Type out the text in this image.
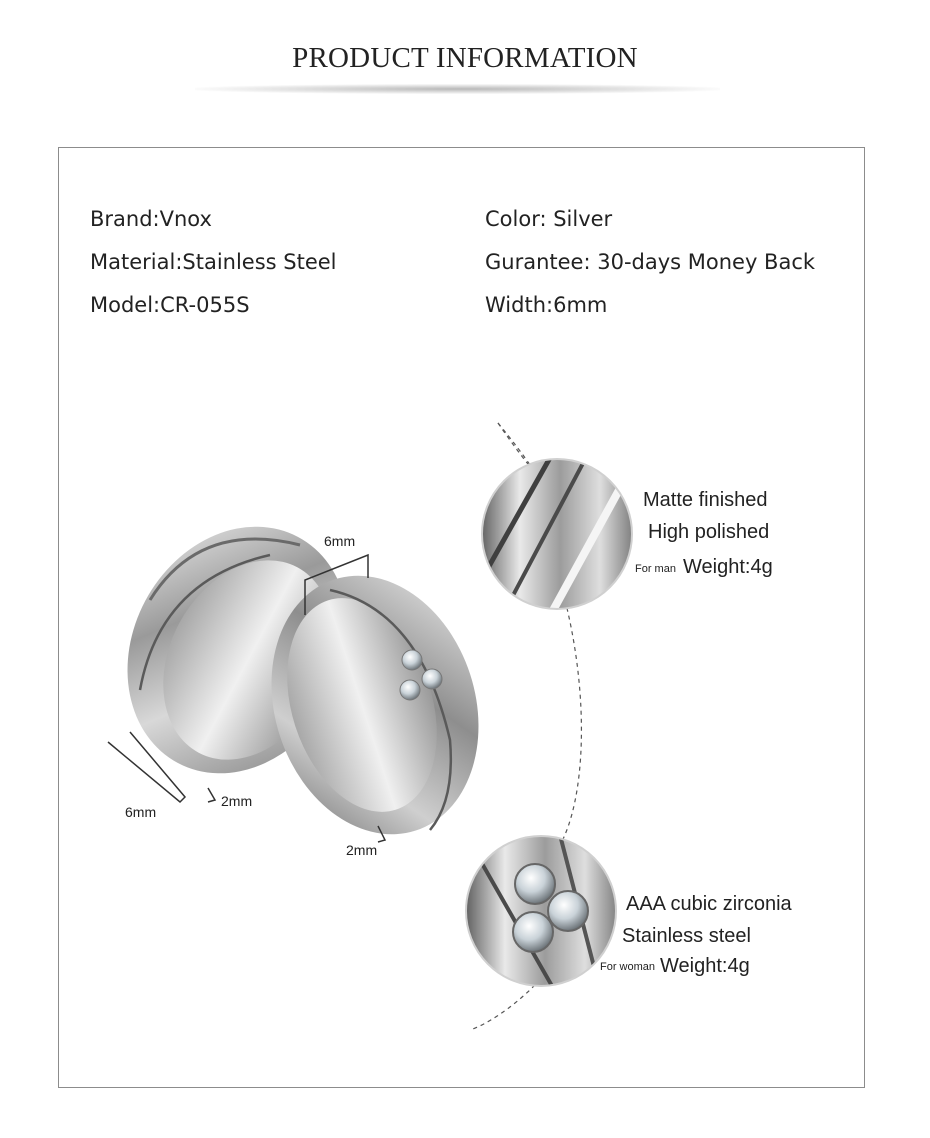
PRODUCT INFORMATION
Brand:Vnox
Material:Stainless Steel
Model:CR-055S
Color: Silver
Gurantee: 30-days Money Back
Width:6mm
6mm
6mm
2mm
2mm
Matte finished
High polished
For man Weight:4g
AAA cubic zirconia
Stainless steel
For woman Weight:4g
